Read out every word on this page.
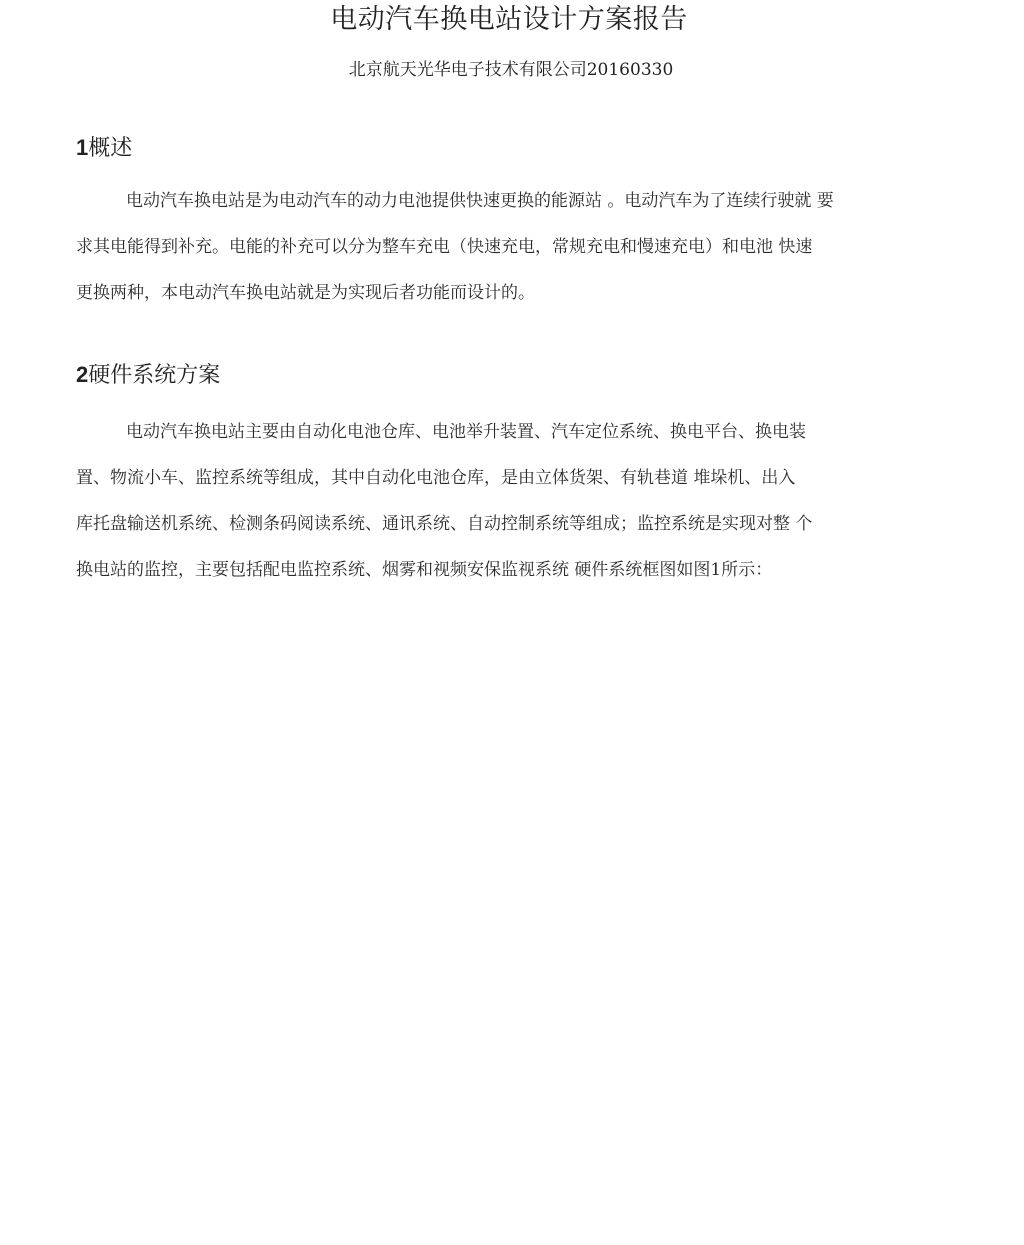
电动汽车换电站设计方案报告

北京航天光华电子技术有限公司20160330

1概述

电动汽车换电站是为电动汽车的动力电池提供快速更换的能源站 。电动汽车为了连续行驶就 要
求其电能得到补充。电能的补充可以分为整车充电（快速充电，常规充电和慢速充电）和电池 快速
更换两种，本电动汽车换电站就是为实现后者功能而设计的。

2硬件系统方案

电动汽车换电站主要由自动化电池仓库、电池举升装置、汽车定位系统、换电平台、换电装
置、物流小车、监控系统等组成，其中自动化电池仓库，是由立体货架、有轨巷道 堆垛机、出入
库托盘输送机系统、检测条码阅读系统、通讯系统、自动控制系统等组成；监控系统是实现对整 个
换电站的监控，主要包括配电监控系统、烟雾和视频安保监视系统 硬件系统框图如图1所示：
